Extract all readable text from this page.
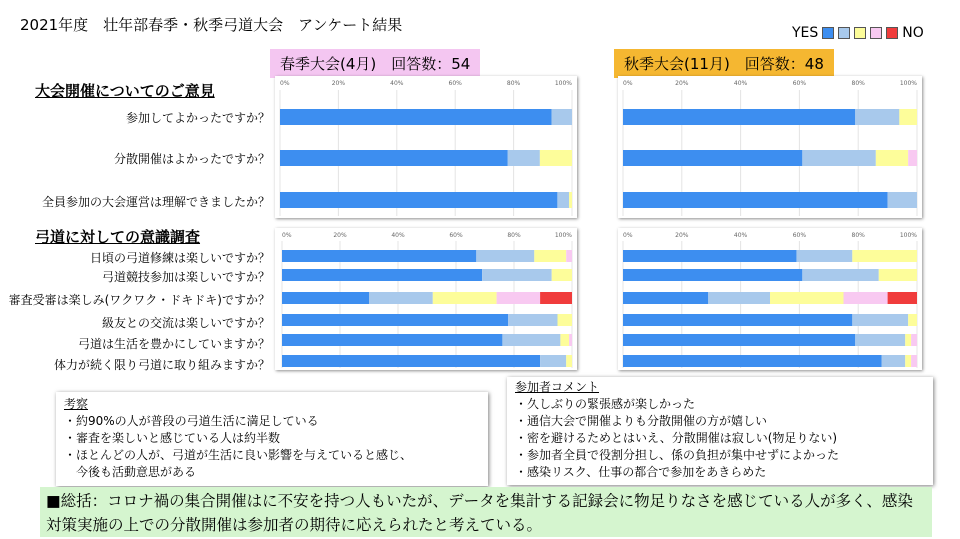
2021年度　壮年部春季・秋季弓道大会　アンケート結果	YES	NO
春季大会(4月)　回答数：54	秋季大会(11月)　回答数：48
大会開催についてのご意見
弓道に対しての意識調査
参加してよかったですか？
分散開催はよかったですか？
全員参加の大会運営は理解できましたか？
日頃の弓道修練は楽しいですか？
弓道競技参加は楽しいですか？
審査受審は楽しみ(ワクワク・ドキドキ)ですか？
級友との交流は楽しいですか？
弓道は生活を豊かにしていますか？
体力が続く限り弓道に取り組みますか？
0%	20%	40%	60%	80%	100%	0%	20%	40%	60%	80%	100%
0%	20%	40%	60%	80%	100%	0%	20%	40%	60%	80%	100%
考察
・約90%の人が普段の弓道生活に満足している
・審査を楽しいと感じている人は約半数
・ほとんどの人が、弓道が生活に良い影響を与えていると感じ、
　今後も活動意思がある
参加者コメント
・久しぶりの緊張感が楽しかった
・通信大会で開催よりも分散開催の方が嬉しい
・密を避けるためとはいえ、分散開催は寂しい(物足りない)
・参加者全員で役割分担し、係の負担が集中せずによかった
・感染リスク、仕事の都合で参加をあきらめた
■総括：コロナ禍の集合開催はに不安を持つ人もいたが、データを集計する記録会に物足りなさを感じている人が多く、感染対策実施の上での分散開催は参加者の期待に応えられたと考えている。
